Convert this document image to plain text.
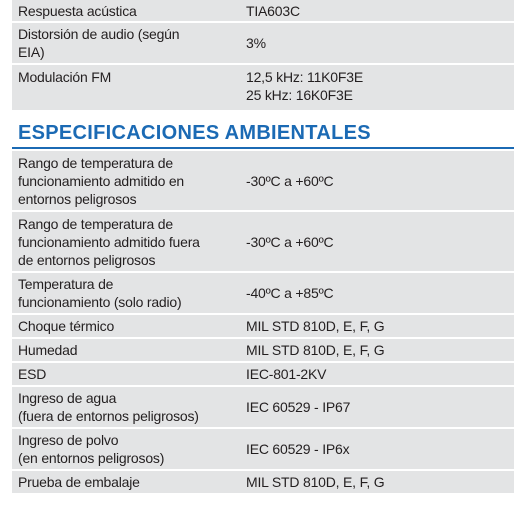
Respuesta acústica	TIA603C

Distorsión de audio (según
EIA)	3%
Modulación FM	12,5 kHz: 11K0F3E
25 kHz: 16K0F3E
ESPECIFICACIONES AMBIENTALES
Rango de temperatura de
funcionamiento admitido en
entornos peligrosos	-30ºC a +60ºC

Rango de temperatura de
funcionamiento admitido fuera
de entornos peligrosos	-30ºC a +60ºC

Temperatura de
funcionamiento (solo radio)	-40ºC a +85ºC
Choque térmico	MIL STD 810D, E, F, G
Humedad	MIL STD 810D, E, F, G
ESD	IEC-801-2KV

Ingreso de agua
(fuera de entornos peligrosos)	IEC 60529 - IP67

Ingreso de polvo
(en entornos peligrosos)	IEC 60529 - IP6x
Prueba de embalaje	MIL STD 810D, E, F, G
